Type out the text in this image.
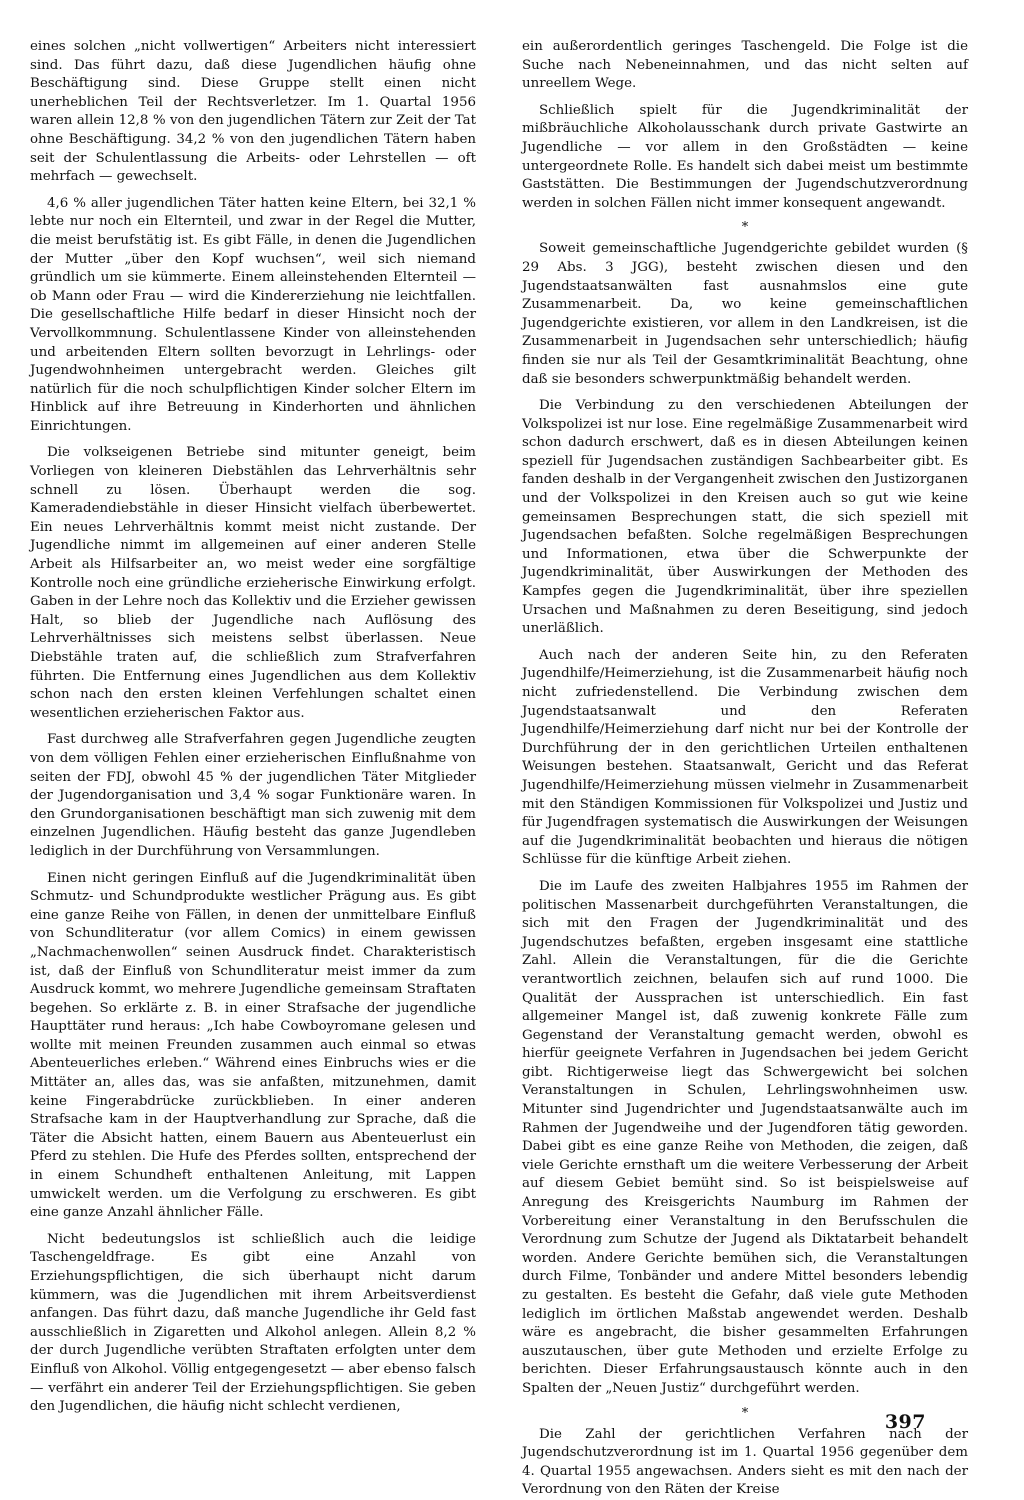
eines solchen „nicht vollwertigen“ Arbeiters nicht interessiert sind. Das führt dazu, daß diese Jugendlichen häufig ohne Beschäftigung sind. Diese Gruppe stellt einen nicht unerheblichen Teil der Rechtsverletzer. Im 1. Quartal 1956 waren allein 12,8 % von den jugendlichen Tätern zur Zeit der Tat ohne Beschäftigung. 34,2 % von den jugendlichen Tätern haben seit der Schulentlassung die Arbeits- oder Lehrstellen — oft mehrfach — gewechselt.

4,6 % aller jugendlichen Täter hatten keine Eltern, bei 32,1 % lebte nur noch ein Elternteil, und zwar in der Regel die Mutter, die meist berufstätig ist. Es gibt Fälle, in denen die Jugendlichen der Mutter „über den Kopf wuchsen“, weil sich niemand gründlich um sie kümmerte. Einem alleinstehenden Elternteil — ob Mann oder Frau — wird die Kindererziehung nie leichtfallen. Die gesellschaftliche Hilfe bedarf in dieser Hinsicht noch der Vervollkommnung. Schulentlassene Kinder von alleinstehenden und arbeitenden Eltern sollten bevorzugt in Lehrlings- oder Jugendwohnheimen untergebracht werden. Gleiches gilt natürlich für die noch schulpflichtigen Kinder solcher Eltern im Hinblick auf ihre Betreuung in Kinderhorten und ähnlichen Einrichtungen.

Die volkseigenen Betriebe sind mitunter geneigt, beim Vorliegen von kleineren Diebstählen das Lehrverhältnis sehr schnell zu lösen. Überhaupt werden die sog. Kameradendiebstähle in dieser Hinsicht vielfach überbewertet. Ein neues Lehrverhältnis kommt meist nicht zustande. Der Jugendliche nimmt im allgemeinen auf einer anderen Stelle Arbeit als Hilfsarbeiter an, wo meist weder eine sorgfältige Kontrolle noch eine gründliche erzieherische Einwirkung erfolgt. Gaben in der Lehre noch das Kollektiv und die Erzieher gewissen Halt, so blieb der Jugendliche nach Auflösung des Lehrverhältnisses sich meistens selbst überlassen. Neue Diebstähle traten auf, die schließlich zum Strafverfahren führten. Die Entfernung eines Jugendlichen aus dem Kollektiv schon nach den ersten kleinen Verfehlungen schaltet einen wesentlichen erzieherischen Faktor aus.

Fast durchweg alle Strafverfahren gegen Jugendliche zeugten von dem völligen Fehlen einer erzieherischen Einflußnahme von seiten der FDJ, obwohl 45 % der jugendlichen Täter Mitglieder der Jugendorganisation und 3,4 % sogar Funktionäre waren. In den Grundorganisationen beschäftigt man sich zuwenig mit dem einzelnen Jugendlichen. Häufig besteht das ganze Jugendleben lediglich in der Durchführung von Versammlungen.

Einen nicht geringen Einfluß auf die Jugendkriminalität üben Schmutz- und Schundprodukte westlicher Prägung aus. Es gibt eine ganze Reihe von Fällen, in denen der unmittelbare Einfluß von Schundliteratur (vor allem Comics) in einem gewissen „Nachmachenwollen“ seinen Ausdruck findet. Charakteristisch ist, daß der Einfluß von Schundliteratur meist immer da zum Ausdruck kommt, wo mehrere Jugendliche gemeinsam Straftaten begehen. So erklärte z. B. in einer Strafsache der jugendliche Haupttäter rund heraus: „Ich habe Cowboyromane gelesen und wollte mit meinen Freunden zusammen auch einmal so etwas Abenteuerliches erleben.“ Während eines Einbruchs wies er die Mittäter an, alles das, was sie anfaßten, mitzunehmen, damit keine Fingerabdrücke zurückblieben. In einer anderen Strafsache kam in der Hauptverhandlung zur Sprache, daß die Täter die Absicht hatten, einem Bauern aus Abenteuerlust ein Pferd zu stehlen. Die Hufe des Pferdes sollten, entsprechend der in einem Schundheft enthaltenen Anleitung, mit Lappen umwickelt werden. um die Verfolgung zu erschweren. Es gibt eine ganze Anzahl ähnlicher Fälle.

Nicht bedeutungslos ist schließlich auch die leidige Taschengeldfrage. Es gibt eine Anzahl von Erziehungspflichtigen, die sich überhaupt nicht darum kümmern, was die Jugendlichen mit ihrem Arbeitsverdienst anfangen. Das führt dazu, daß manche Jugendliche ihr Geld fast ausschließlich in Zigaretten und Alkohol anlegen. Allein 8,2 % der durch Jugendliche verübten Straftaten erfolgten unter dem Einfluß von Alkohol. Völlig entgegengesetzt — aber ebenso falsch — verfährt ein anderer Teil der Erziehungspflichtigen. Sie geben den Jugendlichen, die häufig nicht schlecht verdienen,

ein außerordentlich geringes Taschengeld. Die Folge ist die Suche nach Nebeneinnahmen, und das nicht selten auf unreellem Wege.

Schließlich spielt für die Jugendkriminalität der mißbräuchliche Alkoholausschank durch private Gastwirte an Jugendliche — vor allem in den Großstädten — keine untergeordnete Rolle. Es handelt sich dabei meist um bestimmte Gaststätten. Die Bestimmungen der Jugendschutzverordnung werden in solchen Fällen nicht immer konsequent angewandt.

*

Soweit gemeinschaftliche Jugendgerichte gebildet wurden (§ 29 Abs. 3 JGG), besteht zwischen diesen und den Jugendstaatsanwälten fast ausnahmslos eine gute Zusammenarbeit. Da, wo keine gemeinschaftlichen Jugendgerichte existieren, vor allem in den Landkreisen, ist die Zusammenarbeit in Jugendsachen sehr unterschiedlich; häufig finden sie nur als Teil der Gesamtkriminalität Beachtung, ohne daß sie besonders schwerpunktmäßig behandelt werden.

Die Verbindung zu den verschiedenen Abteilungen der Volkspolizei ist nur lose. Eine regelmäßige Zusammenarbeit wird schon dadurch erschwert, daß es in diesen Abteilungen keinen speziell für Jugendsachen zuständigen Sachbearbeiter gibt. Es fanden deshalb in der Vergangenheit zwischen den Justizorganen und der Volkspolizei in den Kreisen auch so gut wie keine gemeinsamen Besprechungen statt, die sich speziell mit Jugendsachen befaßten. Solche regelmäßigen Besprechungen und Informationen, etwa über die Schwerpunkte der Jugendkriminalität, über Auswirkungen der Methoden des Kampfes gegen die Jugendkriminalität, über ihre speziellen Ursachen und Maßnahmen zu deren Beseitigung, sind jedoch unerläßlich.

Auch nach der anderen Seite hin, zu den Referaten Jugendhilfe/Heimerziehung, ist die Zusammenarbeit häufig noch nicht zufriedenstellend. Die Verbindung zwischen dem Jugendstaatsanwalt und den Referaten Jugendhilfe/Heimerziehung darf nicht nur bei der Kontrolle der Durchführung der in den gerichtlichen Urteilen enthaltenen Weisungen bestehen. Staatsanwalt, Gericht und das Referat Jugendhilfe/Heimerziehung müssen vielmehr in Zusammenarbeit mit den Ständigen Kommissionen für Volkspolizei und Justiz und für Jugendfragen systematisch die Auswirkungen der Weisungen auf die Jugendkriminalität beobachten und hieraus die nötigen Schlüsse für die künftige Arbeit ziehen.

Die im Laufe des zweiten Halbjahres 1955 im Rahmen der politischen Massenarbeit durchgeführten Veranstaltungen, die sich mit den Fragen der Jugendkriminalität und des Jugendschutzes befaßten, ergeben insgesamt eine stattliche Zahl. Allein die Veranstaltungen, für die die Gerichte verantwortlich zeichnen, belaufen sich auf rund 1000. Die Qualität der Aussprachen ist unterschiedlich. Ein fast allgemeiner Mangel ist, daß zuwenig konkrete Fälle zum Gegenstand der Veranstaltung gemacht werden, obwohl es hierfür geeignete Verfahren in Jugendsachen bei jedem Gericht gibt. Richtigerweise liegt das Schwergewicht bei solchen Veranstaltungen in Schulen, Lehrlingswohnheimen usw. Mitunter sind Jugendrichter und Jugendstaatsanwälte auch im Rahmen der Jugendweihe und der Jugendforen tätig geworden. Dabei gibt es eine ganze Reihe von Methoden, die zeigen, daß viele Gerichte ernsthaft um die weitere Verbesserung der Arbeit auf diesem Gebiet bemüht sind. So ist beispielsweise auf Anregung des Kreisgerichts Naumburg im Rahmen der Vorbereitung einer Veranstaltung in den Berufsschulen die Verordnung zum Schutze der Jugend als Diktatarbeit behandelt worden. Andere Gerichte bemühen sich, die Veranstaltungen durch Filme, Tonbänder und andere Mittel besonders lebendig zu gestalten. Es besteht die Gefahr, daß viele gute Methoden lediglich im örtlichen Maßstab angewendet werden. Deshalb wäre es angebracht, die bisher gesammelten Erfahrungen auszutauschen, über gute Methoden und erzielte Erfolge zu berichten. Dieser Erfahrungsaustausch könnte auch in den Spalten der „Neuen Justiz“ durchgeführt werden.

*

Die Zahl der gerichtlichen Verfahren nach der Jugendschutzverordnung ist im 1. Quartal 1956 gegenüber dem 4. Quartal 1955 angewachsen. Anders sieht es mit den nach der Verordnung von den Räten der Kreise

397
